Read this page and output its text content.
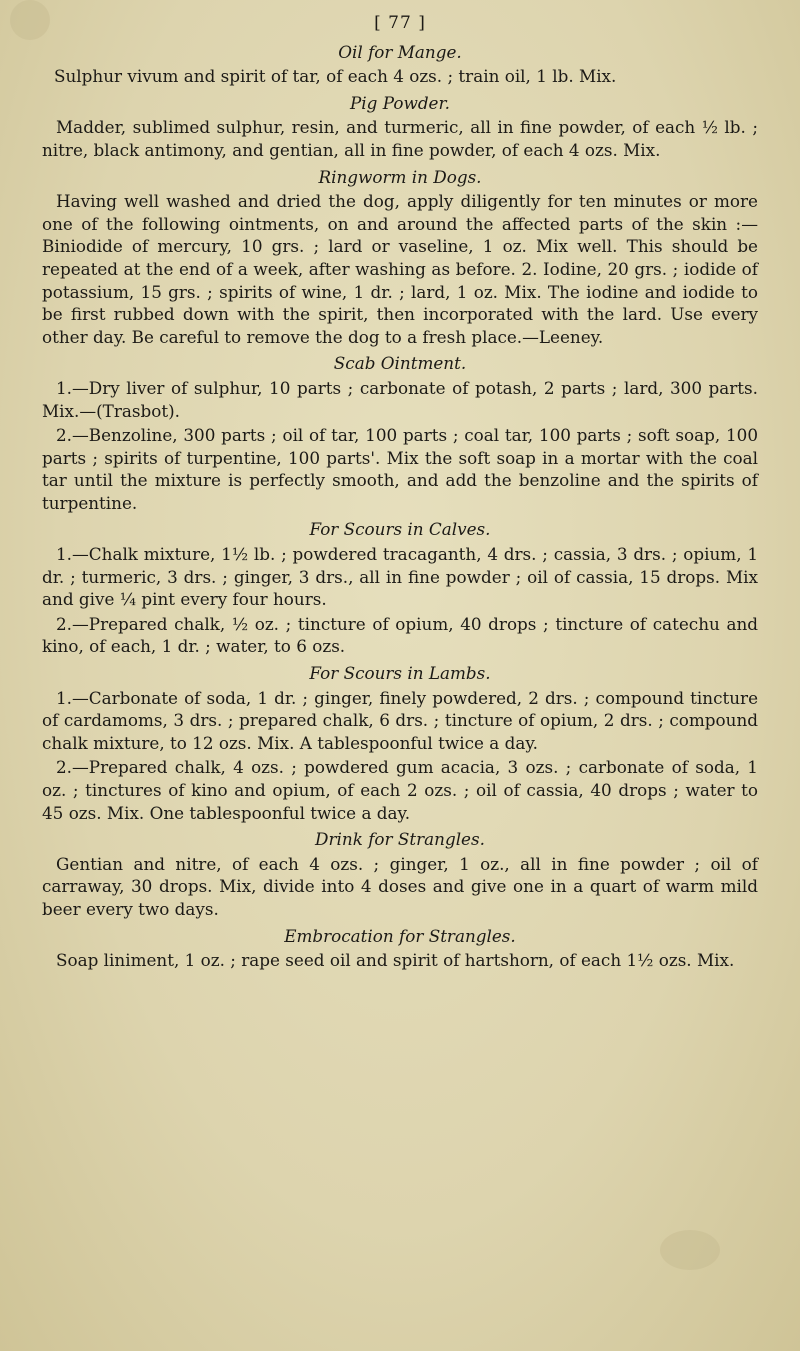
[ 77 ]
Oil for Mange.
Sulphur vivum and spirit of tar, of each 4 ozs. ; train oil, 1 lb. Mix.
Pig Powder.
Madder, sublimed sulphur, resin, and turmeric, all in fine powder, of each ½ lb. ; nitre, black antimony, and gentian, all in fine powder, of each 4 ozs. Mix.
Ringworm in Dogs.
Having well washed and dried the dog, apply diligently for ten minutes or more one of the following ointments, on and around the affected parts of the skin :—Biniodide of mercury, 10 grs. ; lard or vaseline, 1 oz. Mix well. This should be repeated at the end of a week, after washing as before. 2. Iodine, 20 grs. ; iodide of potassium, 15 grs. ; spirits of wine, 1 dr. ; lard, 1 oz. Mix. The iodine and iodide to be first rubbed down with the spirit, then incorporated with the lard. Use every other day. Be careful to remove the dog to a fresh place.—Leeney.
Scab Ointment.
1.—Dry liver of sulphur, 10 parts ; carbonate of potash, 2 parts ; lard, 300 parts. Mix.—(Trasbot).
2.—Benzoline, 300 parts ; oil of tar, 100 parts ; coal tar, 100 parts ; soft soap, 100 parts ; spirits of turpentine, 100 parts'. Mix the soft soap in a mortar with the coal tar until the mixture is perfectly smooth, and add the benzoline and the spirits of turpentine.
For Scours in Calves.
1.—Chalk mixture, 1½ lb. ; powdered tracaganth, 4 drs. ; cassia, 3 drs. ; opium, 1 dr. ; turmeric, 3 drs. ; ginger, 3 drs., all in fine powder ; oil of cassia, 15 drops. Mix and give ¼ pint every four hours.
2.—Prepared chalk, ½ oz. ; tincture of opium, 40 drops ; tincture of catechu and kino, of each, 1 dr. ; water, to 6 ozs.
For Scours in Lambs.
1.—Carbonate of soda, 1 dr. ; ginger, finely powdered, 2 drs. ; compound tincture of cardamoms, 3 drs. ; prepared chalk, 6 drs. ; tincture of opium, 2 drs. ; compound chalk mixture, to 12 ozs. Mix. A tablespoonful twice a day.
2.—Prepared chalk, 4 ozs. ; powdered gum acacia, 3 ozs. ; carbonate of soda, 1 oz. ; tinctures of kino and opium, of each 2 ozs. ; oil of cassia, 40 drops ; water to 45 ozs. Mix. One tablespoonful twice a day.
Drink for Strangles.
Gentian and nitre, of each 4 ozs. ; ginger, 1 oz., all in fine powder ; oil of carraway, 30 drops. Mix, divide into 4 doses and give one in a quart of warm mild beer every two days.
Embrocation for Strangles.
Soap liniment, 1 oz. ; rape seed oil and spirit of hartshorn, of each 1½ ozs. Mix.
